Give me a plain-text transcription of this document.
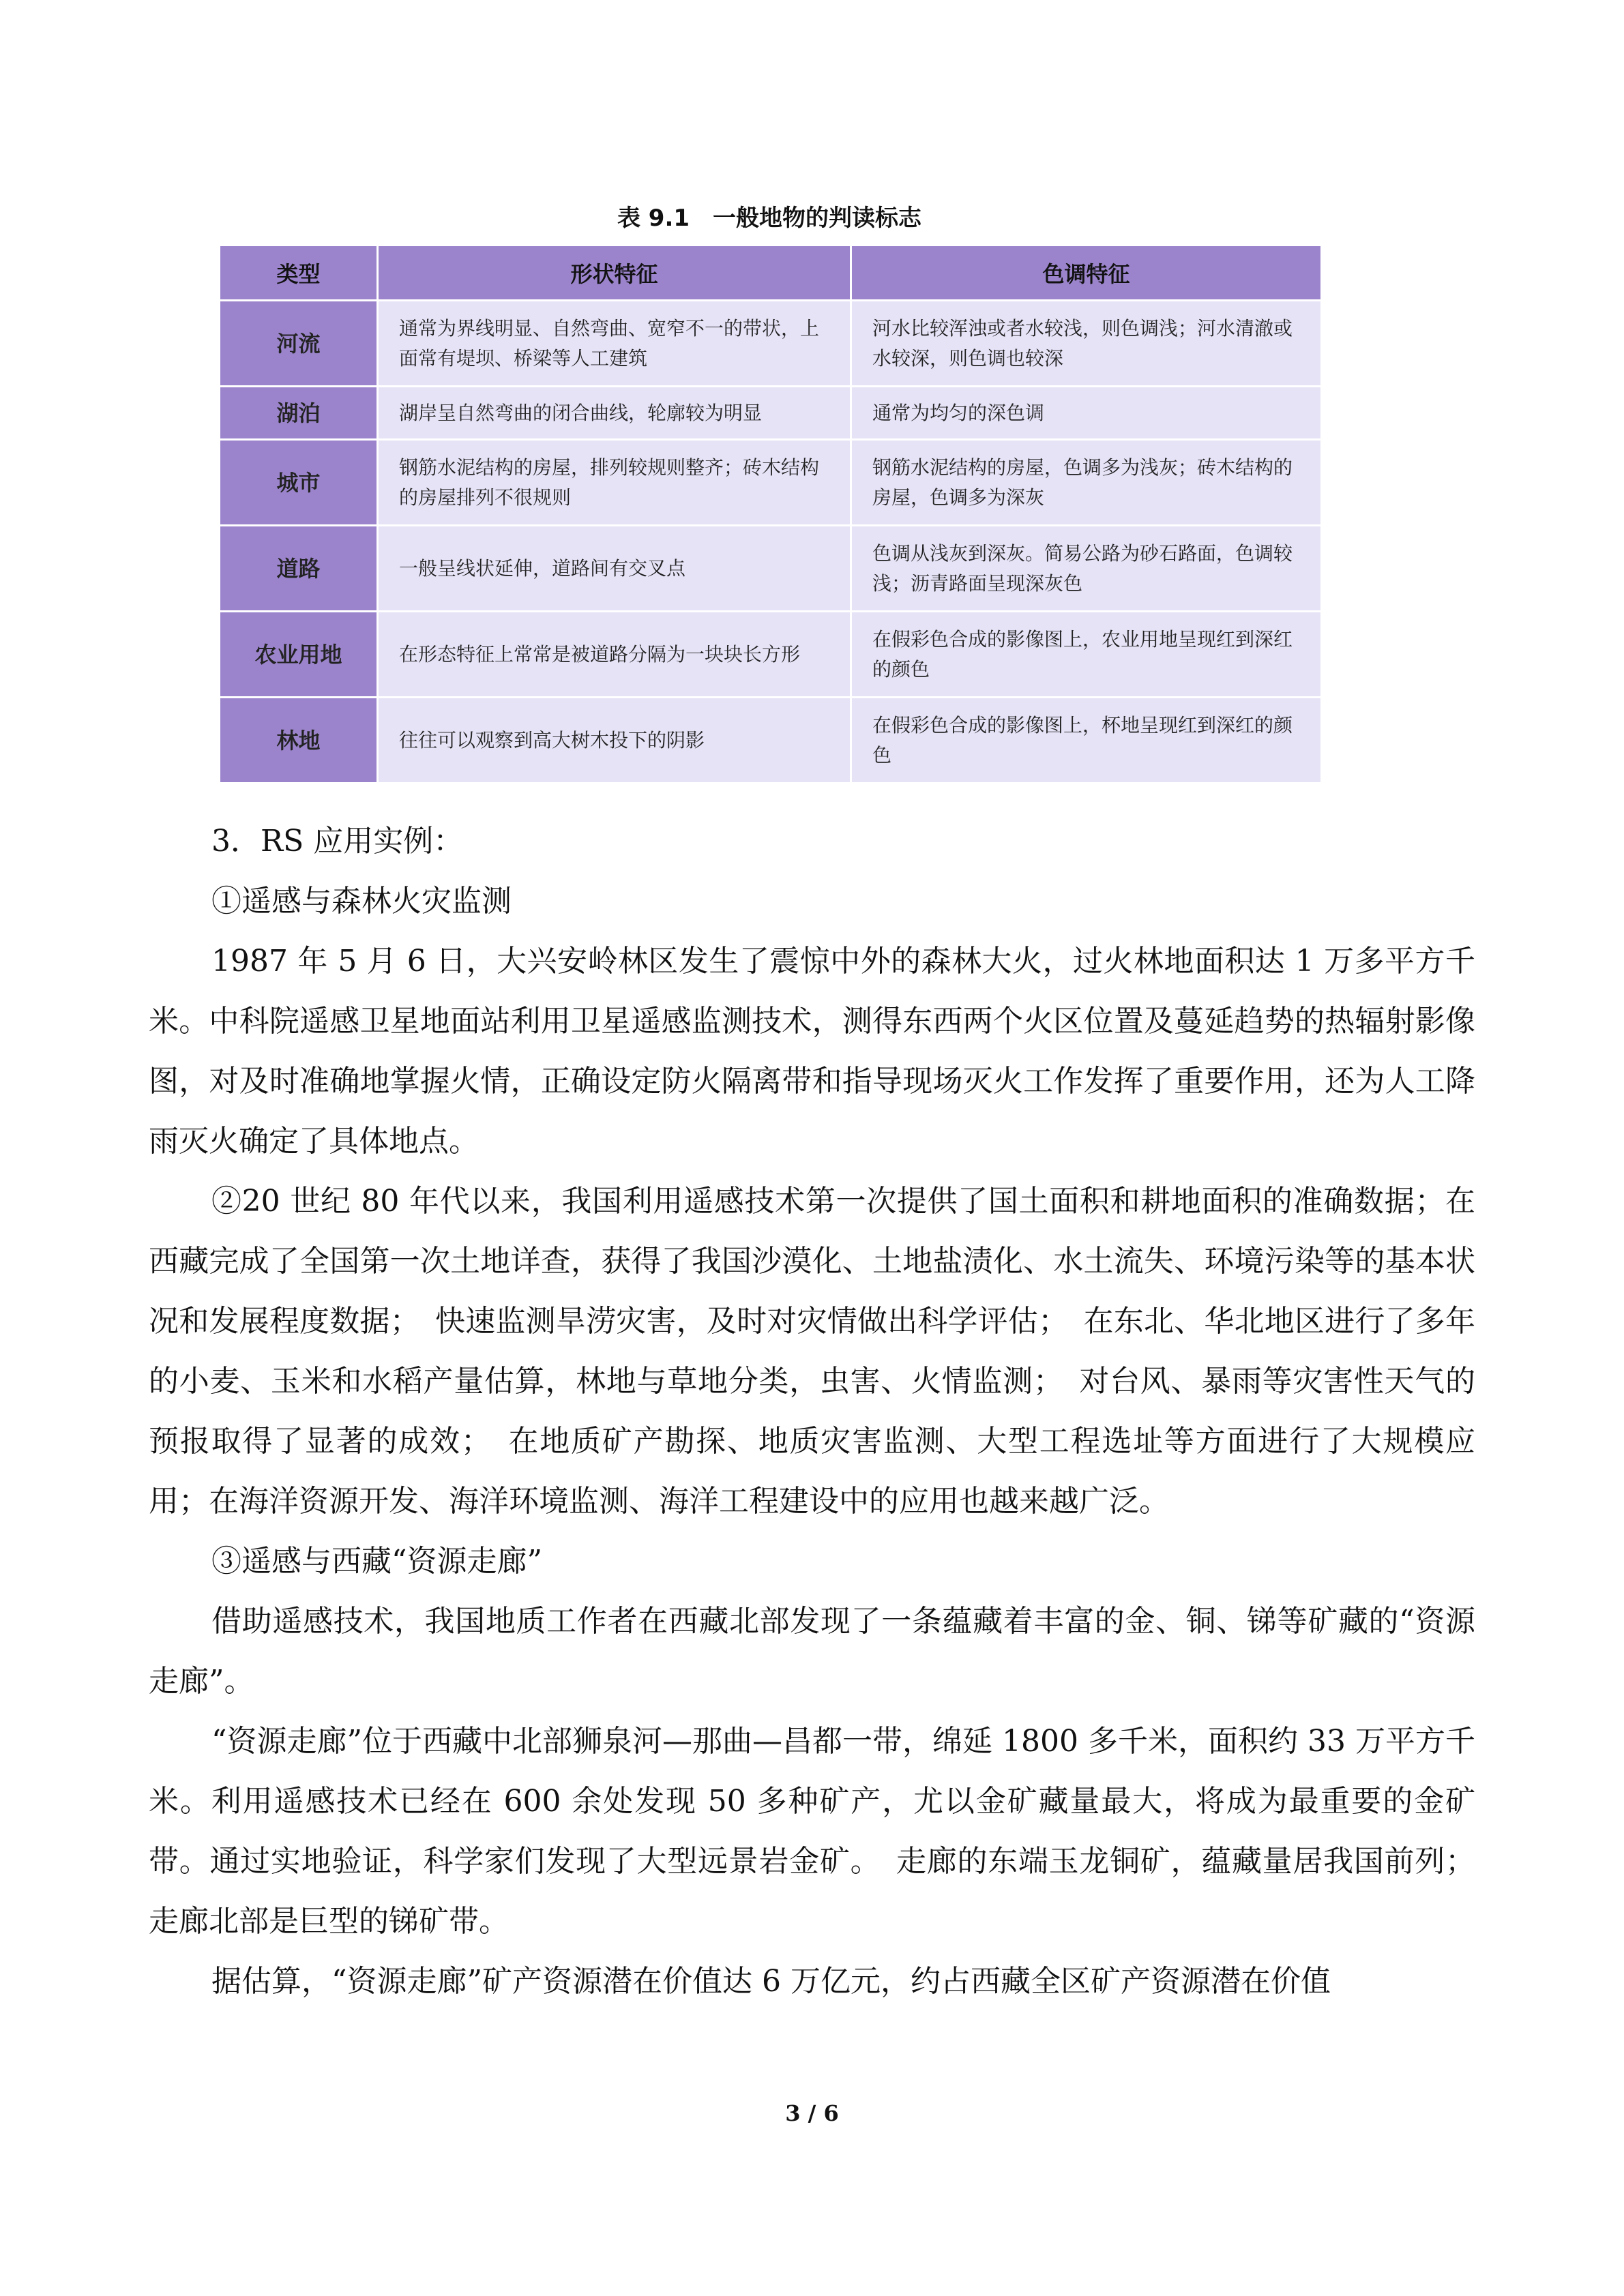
表 9.1　一般地物的判读标志
类型	形状特征	色调特征
河流	通常为界线明显、自然弯曲、宽窄不一的带状，上面常有堤坝、桥梁等人工建筑	河水比较浑浊或者水较浅，则色调浅；河水清澈或水较深，则色调也较深
湖泊	湖岸呈自然弯曲的闭合曲线，轮廓较为明显	通常为均匀的深色调
城市	钢筋水泥结构的房屋，排列较规则整齐；砖木结构的房屋排列不很规则	钢筋水泥结构的房屋，色调多为浅灰；砖木结构的房屋，色调多为深灰
道路	一般呈线状延伸，道路间有交叉点	色调从浅灰到深灰。简易公路为砂石路面，色调较浅；沥青路面呈现深灰色
农业用地	在形态特征上常常是被道路分隔为一块块长方形	在假彩色合成的影像图上，农业用地呈现红到深红的颜色
林地	往往可以观察到高大树木投下的阴影	在假彩色合成的影像图上，杯地呈现红到深红的颜色

3．RS 应用实例：

①遥感与森林火灾监测

1987 年 5 月 6 日，大兴安岭林区发生了震惊中外的森林大火，过火林地面积达 1 万多平方千米。中科院遥感卫星地面站利用卫星遥感监测技术，测得东西两个火区位置及蔓延趋势的热辐射影像图，对及时准确地掌握火情，正确设定防火隔离带和指导现场灭火工作发挥了重要作用，还为人工降雨灭火确定了具体地点。

②20 世纪 80 年代以来，我国利用遥感技术第一次提供了国土面积和耕地面积的准确数据；在西藏完成了全国第一次土地详查，获得了我国沙漠化、土地盐渍化、水土流失、环境污染等的基本状况和发展程度数据；　快速监测旱涝灾害，及时对灾情做出科学评估；　在东北、华北地区进行了多年的小麦、玉米和水稻产量估算，林地与草地分类，虫害、火情监测；　对台风、暴雨等灾害性天气的预报取得了显著的成效；　在地质矿产勘探、地质灾害监测、大型工程选址等方面进行了大规模应用；在海洋资源开发、海洋环境监测、海洋工程建设中的应用也越来越广泛。

③遥感与西藏“资源走廊”

借助遥感技术，我国地质工作者在西藏北部发现了一条蕴藏着丰富的金、铜、锑等矿藏的“资源走廊”。

“资源走廊”位于西藏中北部狮泉河—那曲—昌都一带，绵延 1800 多千米，面积约 33 万平方千米。利用遥感技术已经在 600 余处发现 50 多种矿产，尤以金矿藏量最大，将成为最重要的金矿带。通过实地验证，科学家们发现了大型远景岩金矿。　走廊的东端玉龙铜矿，蕴藏量居我国前列；走廊北部是巨型的锑矿带。

据估算，“资源走廊”矿产资源潜在价值达 6 万亿元，约占西藏全区矿产资源潜在价值

3 / 6
